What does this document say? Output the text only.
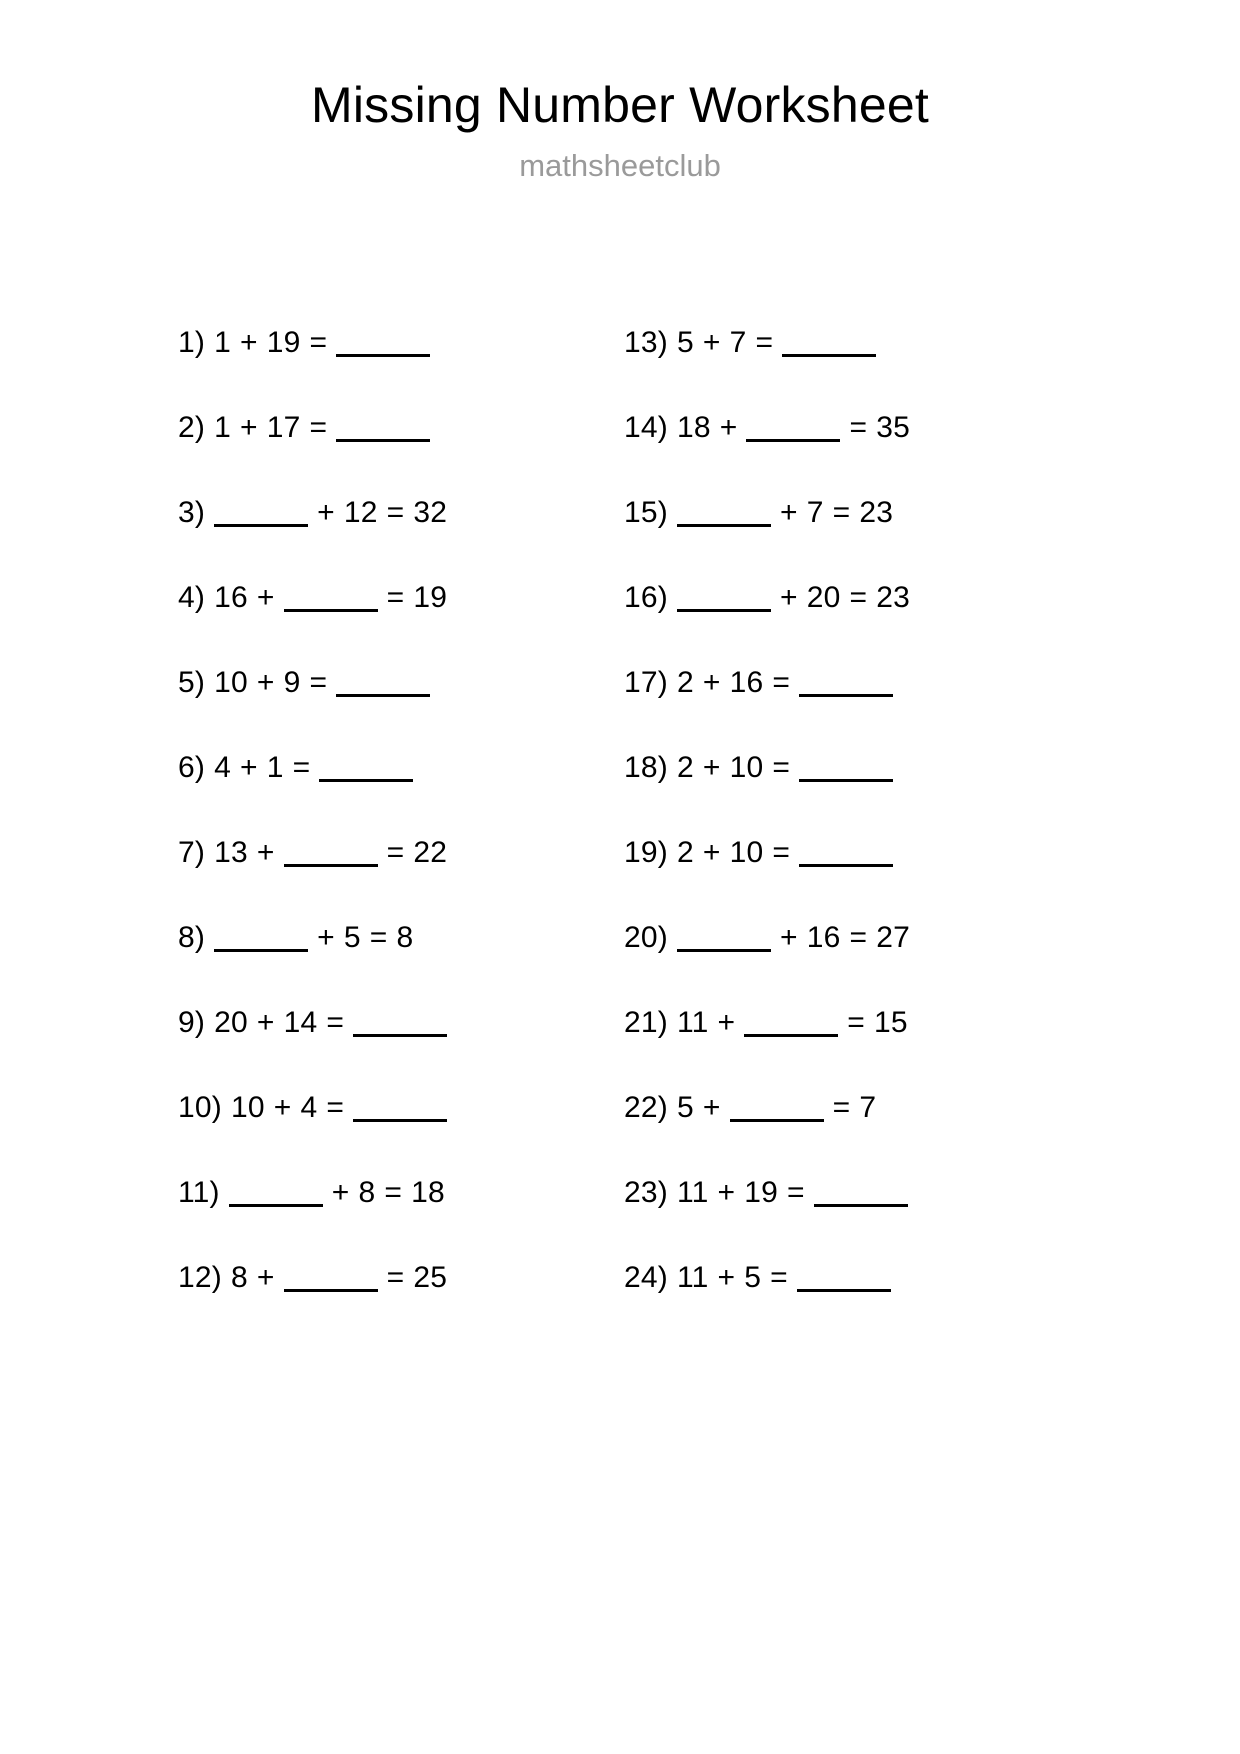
Missing Number Worksheet
mathsheetclub
1) 1 + 19 =
2) 1 + 17 =
3)	+ 12 = 32
4) 16 +	= 19
5) 10 + 9 =
6) 4 + 1 =
7) 13 +	= 22
8)	+ 5 = 8
9) 20 + 14 =
10) 10 + 4 =
11)	+ 8 = 18
12) 8 +	= 25
13) 5 + 7 =
14) 18 +	= 35
15)	+ 7 = 23
16)	+ 20 = 23
17) 2 + 16 =
18) 2 + 10 =
19) 2 + 10 =
20)	+ 16 = 27
21) 11 +	= 15
22) 5 +	= 7
23) 11 + 19 =
24) 11 + 5 =
